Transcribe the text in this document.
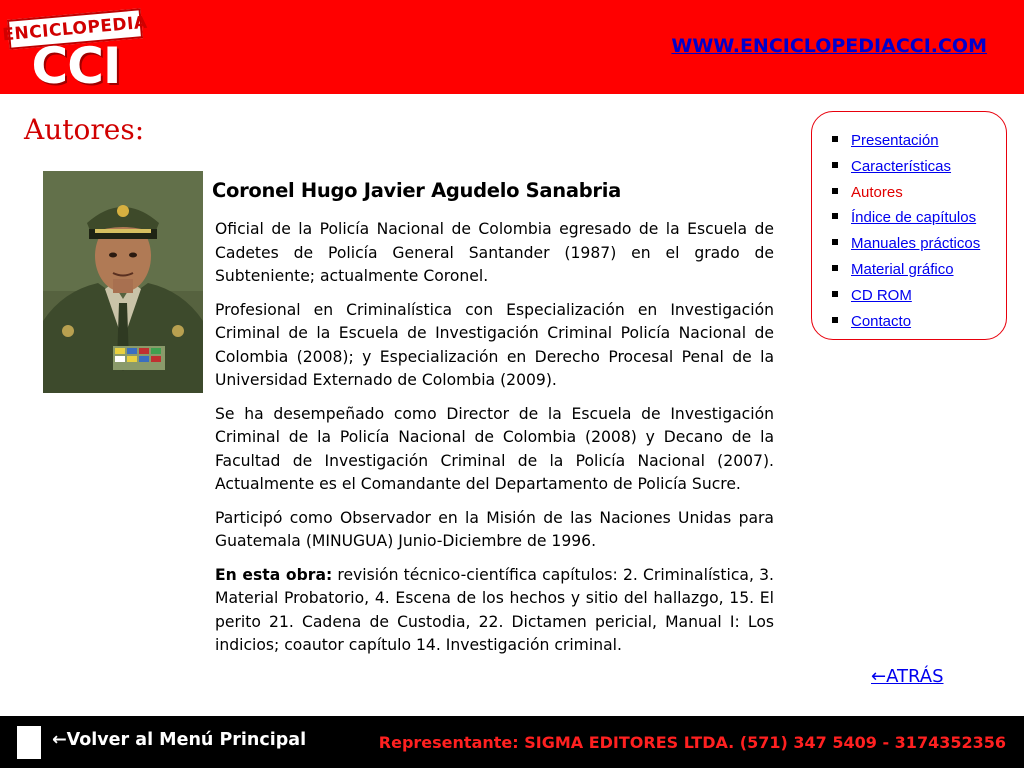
ENCICLOPEDIA
CCI	WWW.ENCICLOPEDIACCI.COM
Autores:
Coronel Hugo Javier Agudelo Sanabria

Oficial de la Policía Nacional de Colombia egresado de la Escuela de Cadetes de Policía General Santander (1987) en el grado de Subteniente; actualmente Coronel.

Profesional en Criminalística con Especialización en Investigación Criminal de la Escuela de Investigación Criminal Policía Nacional de Colombia (2008); y Especialización en Derecho Procesal Penal de la Universidad Externado de Colombia (2009).

Se ha desempeñado como Director de la Escuela de Investigación Criminal de la Policía Nacional de Colombia (2008) y Decano de la Facultad de Investigación Criminal de la Policía Nacional (2007). Actualmente es el Comandante del Departamento de Policía Sucre.

Participó como Observador en la Misión de las Naciones Unidas para Guatemala (MINUGUA) Junio-Diciembre de 1996.

En esta obra: revisión técnico-científica capítulos: 2. Criminalística, 3. Material Probatorio, 4. Escena de los hechos y sitio del hallazgo, 15. El perito 21. Cadena de Custodia, 22. Dictamen pericial, Manual I: Los indicios; coautor capítulo 14. Investigación criminal.

Presentación
Características
Autores
Índice de capítulos
Manuales prácticos
Material gráfico
CD ROM
Contacto
←ATRÁS
←Volver al Menú Principal	Representante: SIGMA EDITORES LTDA. (571) 347 5409 - 3174352356
